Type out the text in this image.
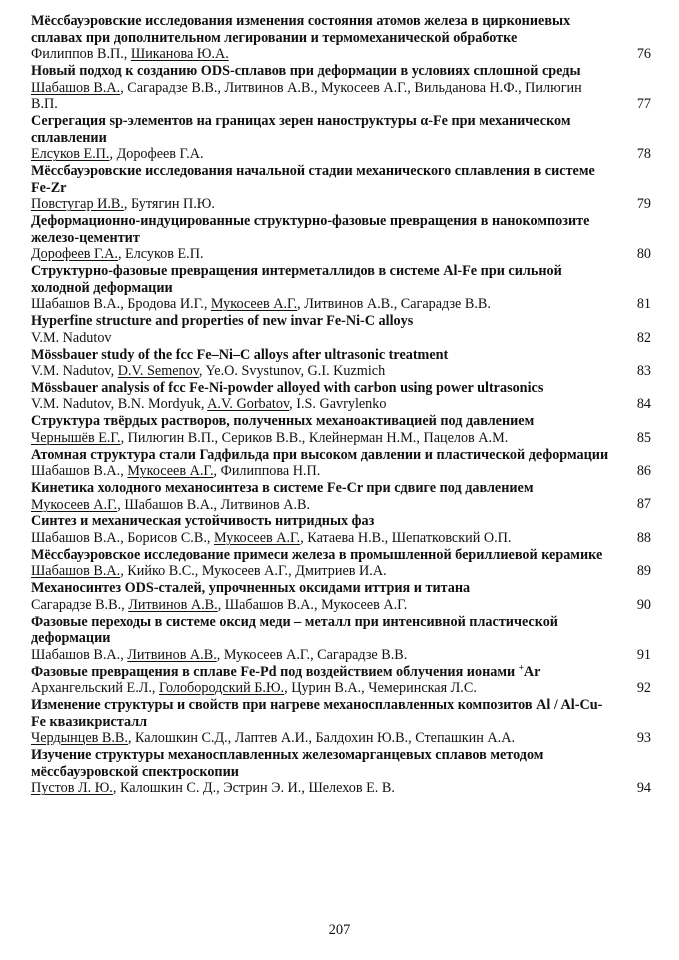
Мёссбауэровские исследования изменения состояния атомов железа в циркониевых сплавах при дополнительном легировании и термомеханической обработке
Филиппов В.П., Шиканова Ю.А.	76
Новый подход к созданию ODS-сплавов при деформации в условиях сплошной среды
Шабашов В.А., Сагарадзе В.В., Литвинов А.В., Мукосеев А.Г., Вильданова Н.Ф., Пилюгин В.П.	77
Сегрегация sp-элементов на границах зерен наноструктуры α-Fe при механическом сплавлении
Елсуков Е.П., Дорофеев Г.А.	78
Мёссбауэровские исследования начальной стадии механического сплавления в системе Fe-Zr
Повстугар И.В., Бутягин П.Ю.	79
Деформационно-индуцированные структурно-фазовые превращения в нанокомпозите железо-цементит
Дорофеев Г.А., Елсуков Е.П.	80
Структурно-фазовые превращения интерметаллидов в системе Al-Fe при сильной холодной деформации
Шабашов В.А., Бродова И.Г., Мукосеев А.Г., Литвинов А.В., Сагарадзе В.В.	81
Hyperfine structure and properties of new invar Fe-Ni-C alloys
V.M. Nadutov	82
Mössbauer study of the fcc Fe–Ni–C alloys after ultrasonic treatment
V.M. Nadutov, D.V. Semenov, Ye.O. Svystunov, G.I. Kuzmich	83
Mössbauer analysis of fcc Fe-Ni-powder alloyed with carbon using power ultrasonics
V.M. Nadutov, B.N. Mordyuk, A.V. Gorbatov, I.S. Gavrylenko	84
Структура твёрдых растворов, полученных механоактивацией под давлением
Чернышёв Е.Г., Пилюгин В.П., Сериков В.В., Клейнерман Н.М., Пацелов А.М.	85
Атомная структура стали Гадфильда при высоком давлении и пластической деформации
Шабашов В.А., Мукосеев А.Г., Филиппова Н.П.	86
Кинетика холодного механосинтеза в системе Fe-Cr при сдвиге под давлением
Мукосеев А.Г., Шабашов В.А., Литвинов А.В.	87
Синтез и механическая устойчивость нитридных фаз
Шабашов В.А., Борисов С.В., Мукосеев А.Г., Катаева Н.В., Шепатковский О.П.	88
Мёссбауэровское исследование примеси железа в промышленной бериллиевой керамике
Шабашов В.А., Кийко В.С., Мукосеев А.Г., Дмитриев И.А.	89
Механосинтез ODS-сталей, упрочненных оксидами иттрия и титана
Сагарадзе В.В., Литвинов А.В., Шабашов В.А., Мукосеев А.Г.	90
Фазовые переходы в системе оксид меди – металл при интенсивной пластической деформации
Шабашов В.А., Литвинов А.В., Мукосеев А.Г., Сагарадзе В.В.	91
Фазовые превращения в сплаве Fe-Pd под воздействием облучения ионами +Ar
Архангельский Е.Л., Голобородский Б.Ю., Цурин В.А., Чемеринская Л.С.	92
Изменение структуры и свойств при нагреве механосплавленных композитов Al / Al-Cu-Fe квазикристалл
Чердынцев В.В., Калошкин С.Д., Лаптев А.И., Балдохин Ю.В., Степашкин А.А.	93
Изучение структуры механосплавленных железомарганцевых сплавов методом мёссбауэровской спектроскопии
Пустов Л. Ю., Калошкин С. Д., Эстрин Э. И., Шелехов Е. В.	94
207
